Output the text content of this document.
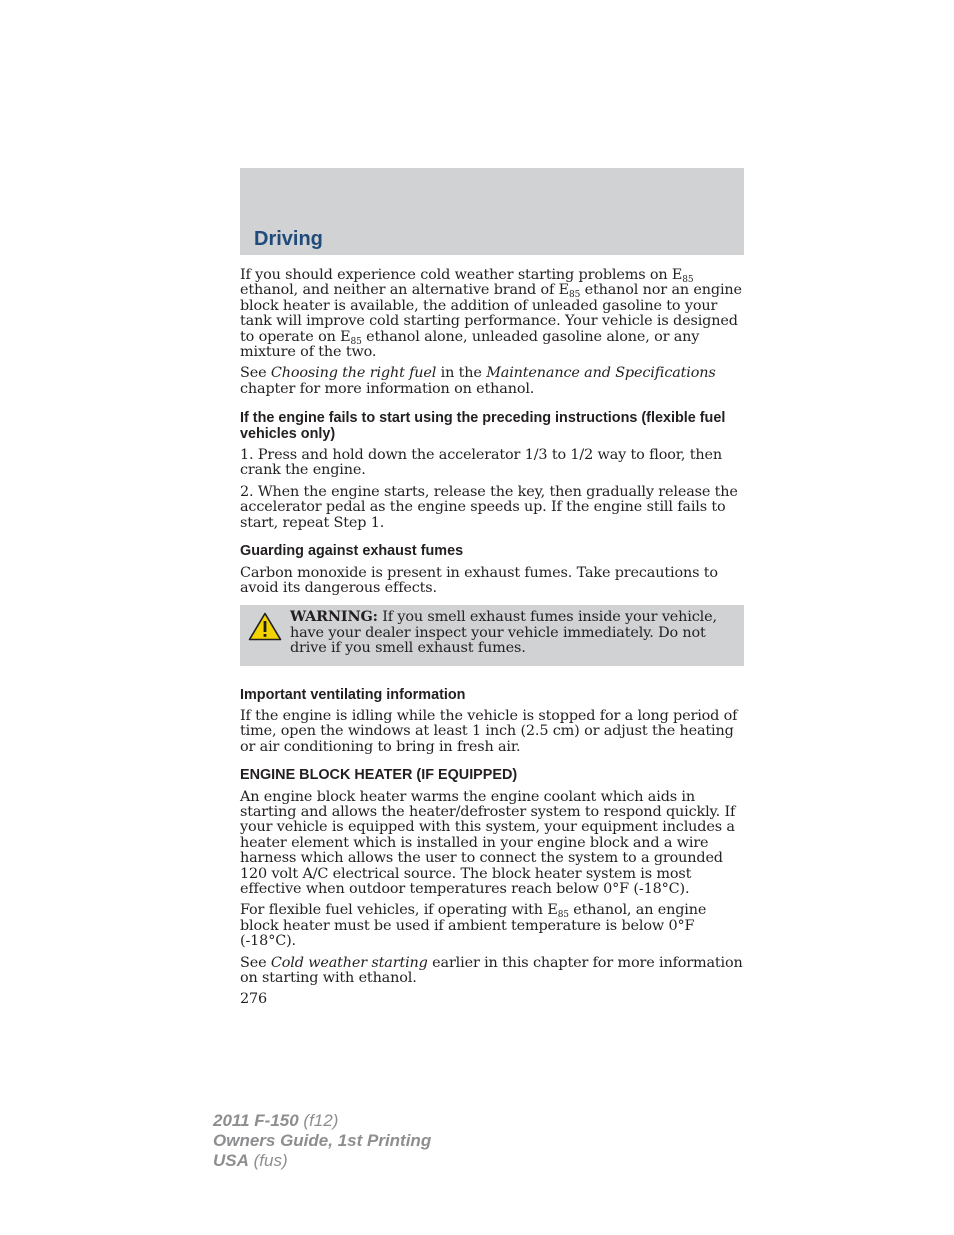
Driving

If you should experience cold weather starting problems on $E_{85}$ ethanol, and neither an alternative brand of $E_{85}$ ethanol nor an engine block heater is available, the addition of unleaded gasoline to your tank will improve cold starting performance. Your vehicle is designed to operate on $E_{85}$ ethanol alone, unleaded gasoline alone, or any mixture of the two.

See Choosing the right fuel in the Maintenance and Specifications chapter for more information on ethanol.

If the engine fails to start using the preceding instructions (flexible fuel vehicles only)

1. Press and hold down the accelerator 1/3 to 1/2 way to floor, then crank the engine.

2. When the engine starts, release the key, then gradually release the accelerator pedal as the engine speeds up. If the engine still fails to start, repeat Step 1.

Guarding against exhaust fumes

Carbon monoxide is present in exhaust fumes. Take precautions to avoid its dangerous effects.

WARNING: If you smell exhaust fumes inside your vehicle, have your dealer inspect your vehicle immediately. Do not drive if you smell exhaust fumes.
Important ventilating information

If the engine is idling while the vehicle is stopped for a long period of time, open the windows at least 1 inch (2.5 cm) or adjust the heating or air conditioning to bring in fresh air.

ENGINE BLOCK HEATER (IF EQUIPPED)

An engine block heater warms the engine coolant which aids in starting and allows the heater/defroster system to respond quickly. If your vehicle is equipped with this system, your equipment includes a heater element which is installed in your engine block and a wire harness which allows the user to connect the system to a grounded 120 volt A/C electrical source. The block heater system is most effective when outdoor temperatures reach below 0°F (-18°C).

For flexible fuel vehicles, if operating with $E_{85}$ ethanol, an engine block heater must be used if ambient temperature is below 0°F (-18°C).

See Cold weather starting earlier in this chapter for more information on starting with ethanol.

276

2011 F-150 (f12)
Owners Guide, 1st Printing
USA (fus)
